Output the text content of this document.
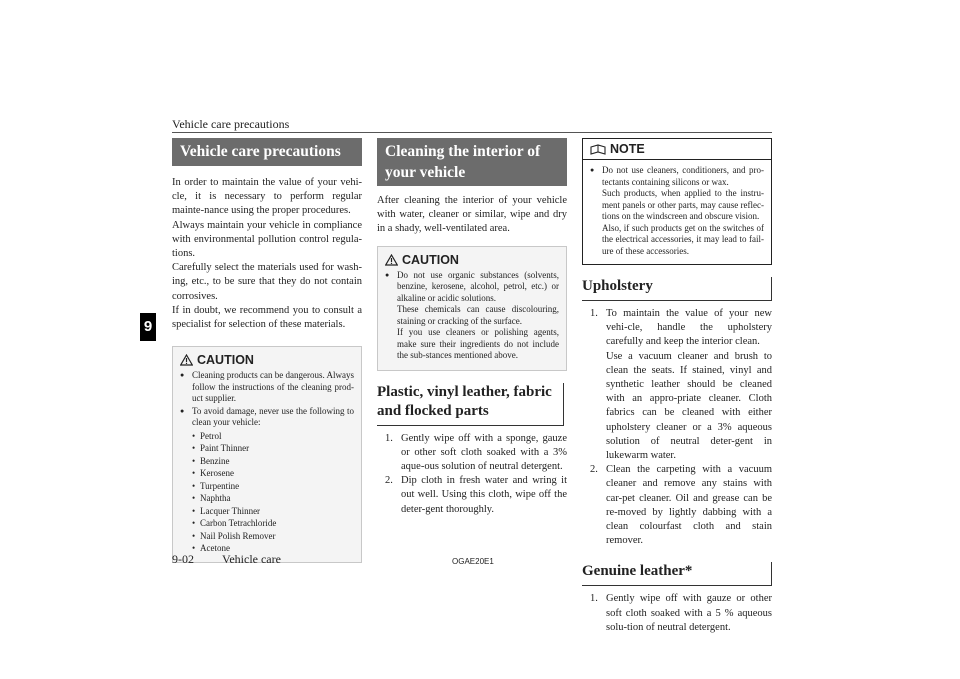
Vehicle care precautions
9
Vehicle care precautions
In order to maintain the value of your vehi-cle, it is necessary to perform regular mainte-nance using the proper procedures.
Always maintain your vehicle in compliance with environmental pollution control regula-tions.
Carefully select the materials used for wash-ing, etc., to be sure that they do not contain corrosives.
If in doubt, we recommend you to consult a specialist for selection of these materials.
CAUTION
● Cleaning products can be dangerous. Always follow the instructions of the cleaning prod-uct supplier.
● To avoid damage, never use the following to clean your vehicle:
• Petrol
• Paint Thinner
• Benzine
• Kerosene
• Turpentine
• Naphtha
• Lacquer Thinner
• Carbon Tetrachloride
• Nail Polish Remover
• Acetone
Cleaning the interior of your vehicle
After cleaning the interior of your vehicle with water, cleaner or similar, wipe and dry in a shady, well-ventilated area.
CAUTION
● Do not use organic substances (solvents, benzine, kerosene, alcohol, petrol, etc.) or alkaline or acidic solutions.
These chemicals can cause discolouring, staining or cracking of the surface.
If you use cleaners or polishing agents, make sure their ingredients do not include the sub-stances mentioned above.
Plastic, vinyl leather, fabric and flocked parts
1. Gently wipe off with a sponge, gauze or other soft cloth soaked with a 3% aque-ous solution of neutral detergent.
2. Dip cloth in fresh water and wring it out well. Using this cloth, wipe off the deter-gent thoroughly.
NOTE
● Do not use cleaners, conditioners, and pro-tectants containing silicons or wax.
Such products, when applied to the instru-ment panels or other parts, may cause reflec-tions on the windscreen and obscure vision.
Also, if such products get on the switches of the electrical accessories, it may lead to fail-ure of these accessories.
Upholstery
1. To maintain the value of your new vehi-cle, handle the upholstery carefully and keep the interior clean.
Use a vacuum cleaner and brush to clean the seats. If stained, vinyl and synthetic leather should be cleaned with an appro-priate cleaner. Cloth fabrics can be cleaned with either upholstery cleaner or a 3% aqueous solution of neutral deter-gent in lukewarm water.
2. Clean the carpeting with a vacuum cleaner and remove any stains with car-pet cleaner. Oil and grease can be re-moved by lightly dabbing with a clean colourfast cloth and stain remover.
Genuine leather*
1. Gently wipe off with gauze or other soft cloth soaked with a 5 % aqueous solu-tion of neutral detergent.
9-02 Vehicle care	OGAE20E1
